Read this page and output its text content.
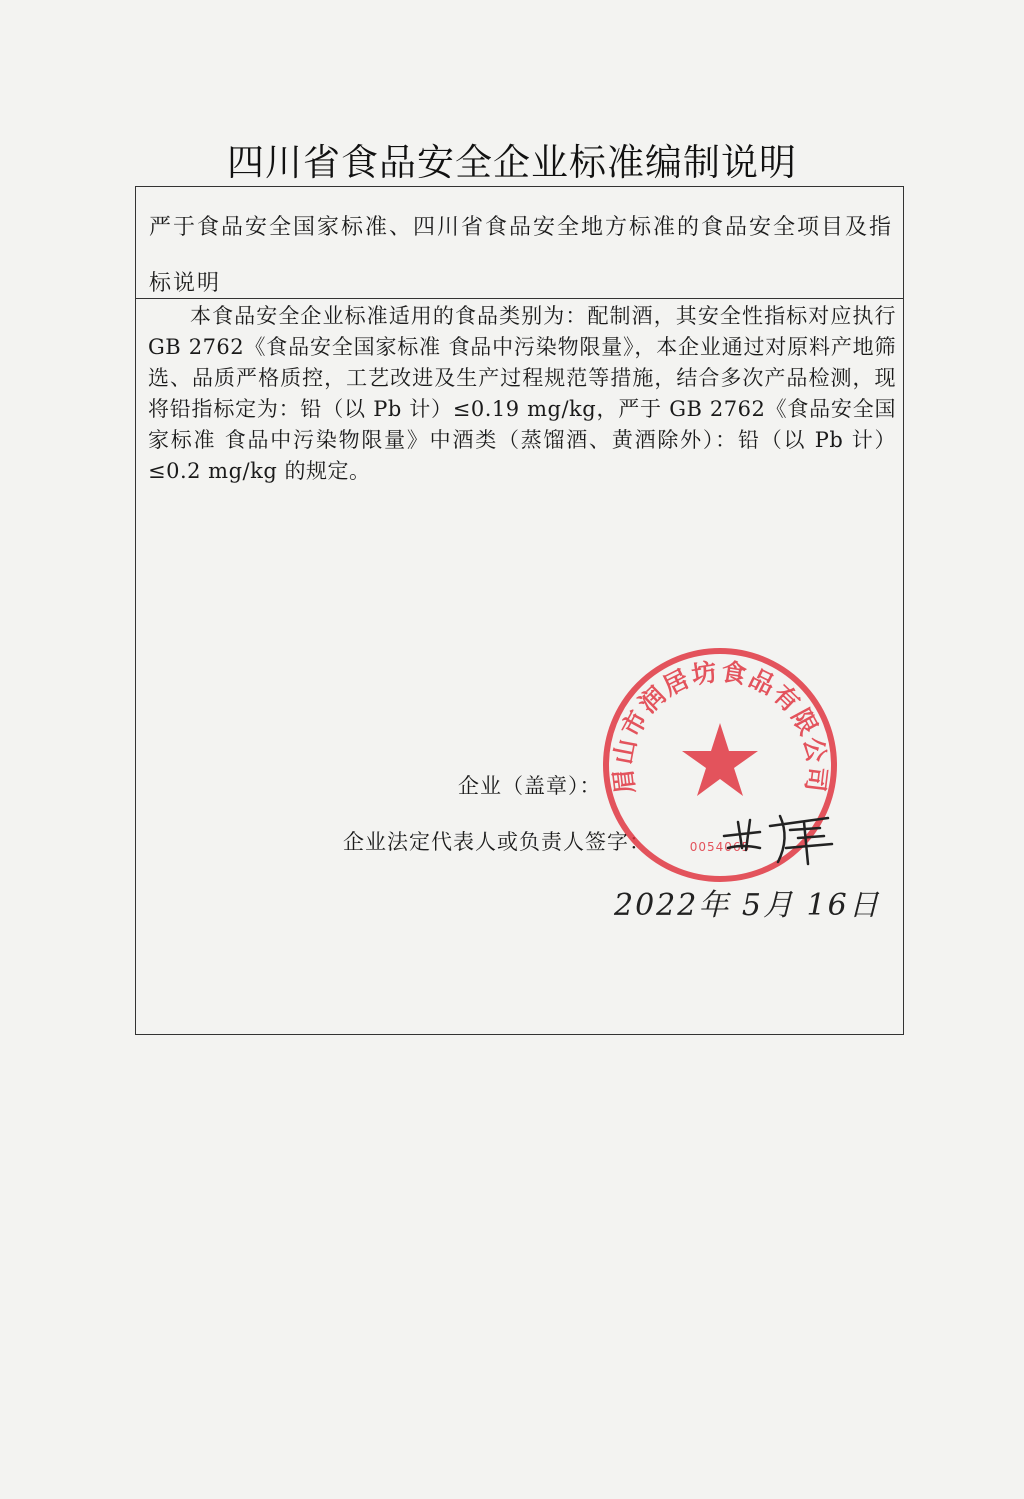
四川省食品安全企业标准编制说明
严于食品安全国家标准、四川省食品安全地方标准的食品安全项目及指标说明
本食品安全企业标准适用的食品类别为：配制酒，其安全性指标对应执行 GB 2762《食品安全国家标准 食品中污染物限量》，本企业通过对原料产地筛选、品质严格质控，工艺改进及生产过程规范等措施，结合多次产品检测，现将铅指标定为：铅（以 Pb 计）≤0.19 mg/kg，严于 GB 2762《食品安全国家标准 食品中污染物限量》中酒类（蒸馏酒、黄酒除外）：铅（以 Pb 计）≤0.2 mg/kg 的规定。
企业（盖章）：
企业法定代表人或负责人签字：
眉山市润居坊食品有限公司
0054065
2022年 5月 16日
